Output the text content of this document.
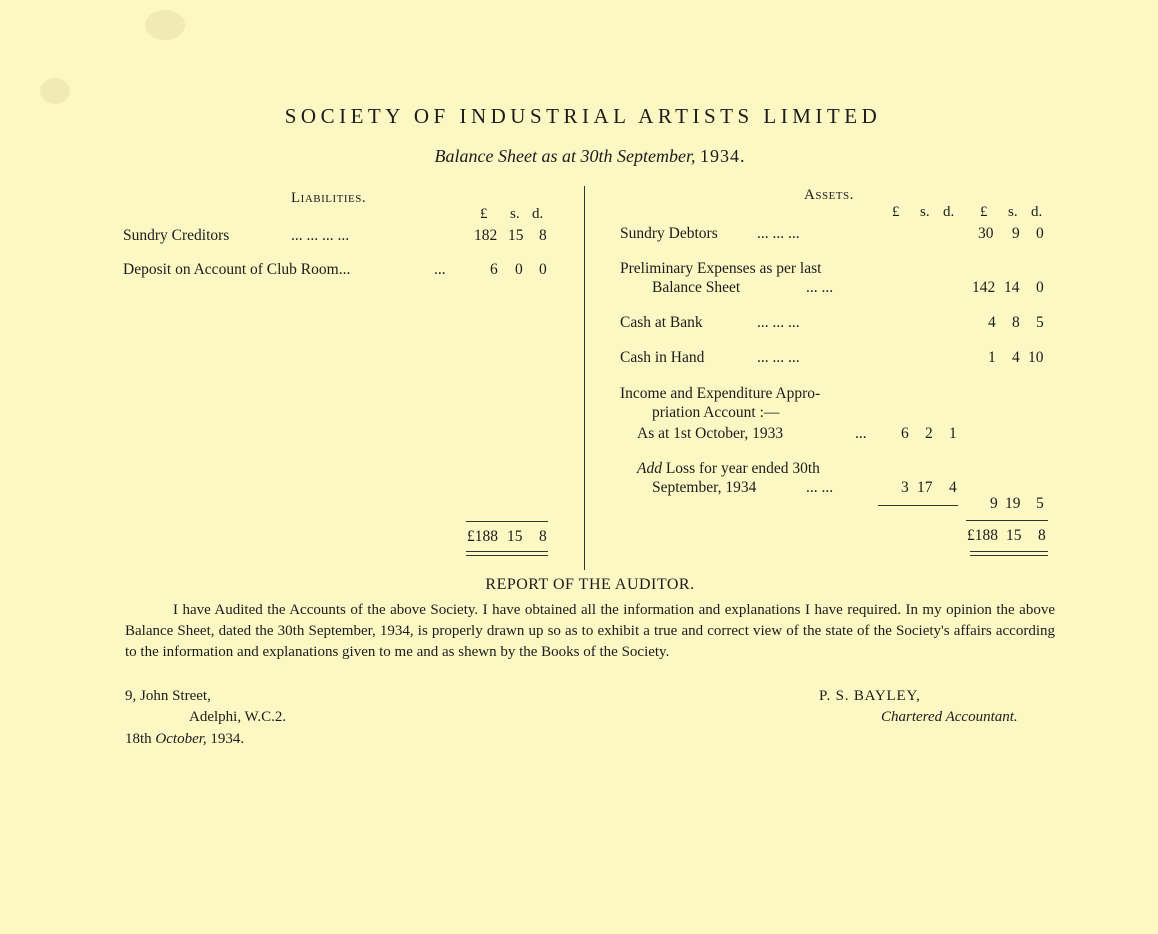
SOCIETY OF INDUSTRIAL ARTISTS LIMITED
Balance Sheet as at 30th September, 1934.
Liabilities.
£ s. d.
Sundry Creditors	... ... ... ...	182 15 8
Deposit on Account of Club Room...	...	6 0 0
£188 15 8
Assets.
£ s. d. £ s. d.
Sundry Debtors	... ... ...	30 9 0
Preliminary Expenses as per last
Balance Sheet	... ...	142 14 0
Cash at Bank	... ... ...	4 8 5
Cash in Hand	... ... ...	1 4 10
Income and Expenditure Appro-
priation Account :—
As at 1st October, 1933	... 6 2 1
Add Loss for year ended 30th
September, 1934	... ...	3 17 4
9 19 5
£188 15 8
REPORT OF THE AUDITOR.
I have Audited the Accounts of the above Society. I have obtained all the information and explanations I have required. In my opinion the above Balance Sheet, dated the 30th September, 1934, is properly drawn up so as to exhibit a true and correct view of the state of the Society's affairs according to the information and explanations given to me and as shewn by the Books of the Society.
9, John Street,
Adelphi, W.C.2.
18th October, 1934.
P. S. BAYLEY,
Chartered Accountant.
